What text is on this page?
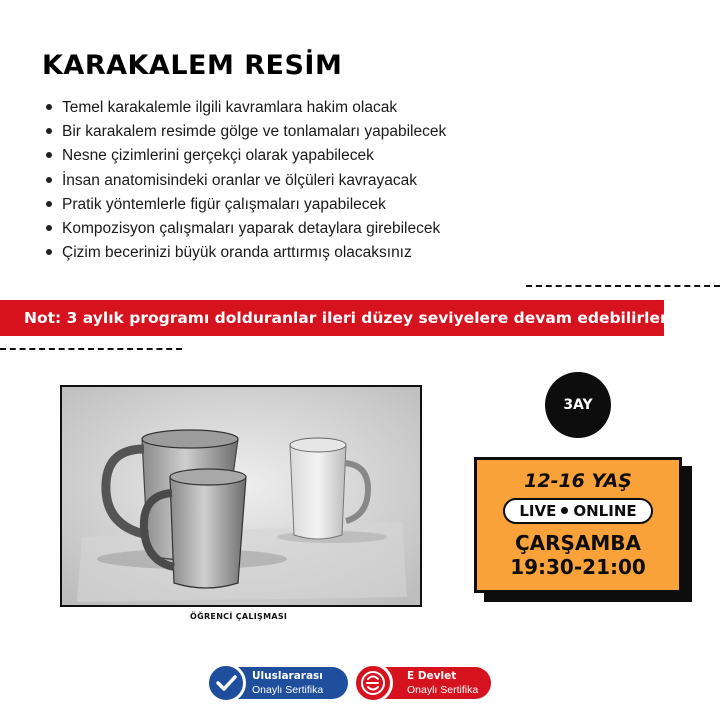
KARAKALEM RESİM
Temel karakalemle ilgili kavramlara hakim olacak
Bir karakalem resimde gölge ve tonlamaları yapabilecek
Nesne çizimlerini gerçekçi olarak yapabilecek
İnsan anatomisindeki oranlar ve ölçüleri kavrayacak
Pratik yöntemlerle figür çalışmaları yapabilecek
Kompozisyon çalışmaları yaparak detaylara girebilecek
Çizim becerinizi büyük oranda arttırmış olacaksınız
Not: 3 aylık programı dolduranlar ileri düzey seviyelere devam edebilirler.
ÖĞRENCİ ÇALIŞMASI
3AY
12-16 YAŞ
LIVE ONLINE
ÇARŞAMBA
19:30-21:00
Uluslararası
Onaylı Sertifika
E Devlet
Onaylı Sertifika
